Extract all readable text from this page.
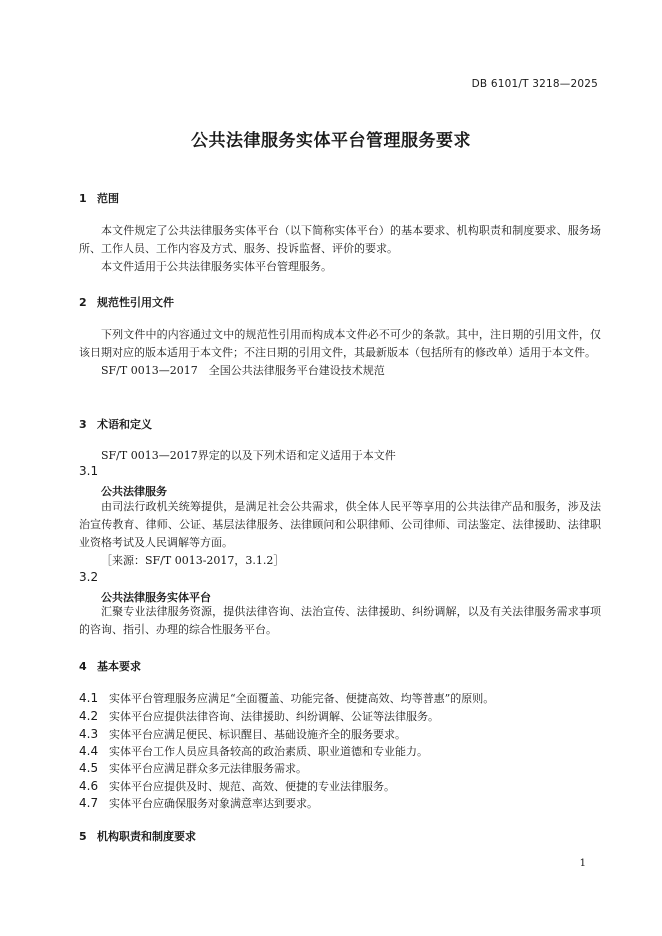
DB 6101/T 3218—2025
公共法律服务实体平台管理服务要求
1 范围

本文件规定了公共法律服务实体平台（以下简称实体平台）的基本要求、机构职责和制度要求、服务场所、工作人员、工作内容及方式、服务、投诉监督、评价的要求。

本文件适用于公共法律服务实体平台管理服务。

2 规范性引用文件

下列文件中的内容通过文中的规范性引用而构成本文件必不可少的条款。其中，注日期的引用文件，仅该日期对应的版本适用于本文件；不注日期的引用文件，其最新版本（包括所有的修改单）适用于本文件。

SF/T 0013—2017　全国公共法律服务平台建设技术规范

3 术语和定义
SF/T 0013—2017界定的以及下列术语和定义适用于本文件
3.1
公共法律服务

由司法行政机关统筹提供，是满足社会公共需求，供全体人民平等享用的公共法律产品和服务，涉及法治宣传教育、律师、公证、基层法律服务、法律顾问和公职律师、公司律师、司法鉴定、法律援助、法律职业资格考试及人民调解等方面。

［来源：SF/T 0013-2017，3.1.2］

3.2
公共法律服务实体平台

汇聚专业法律服务资源，提供法律咨询、法治宣传、法律援助、纠纷调解，以及有关法律服务需求事项的咨询、指引、办理的综合性服务平台。

4 基本要求
4.1 实体平台管理服务应满足“全面覆盖、功能完备、便捷高效、均等普惠”的原则。
4.2 实体平台应提供法律咨询、法律援助、纠纷调解、公证等法律服务。
4.3 实体平台应满足便民、标识醒目、基础设施齐全的服务要求。
4.4 实体平台工作人员应具备较高的政治素质、职业道德和专业能力。
4.5 实体平台应满足群众多元法律服务需求。
4.6 实体平台应提供及时、规范、高效、便捷的专业法律服务。
4.7 实体平台应确保服务对象满意率达到要求。
5 机构职责和制度要求
1
